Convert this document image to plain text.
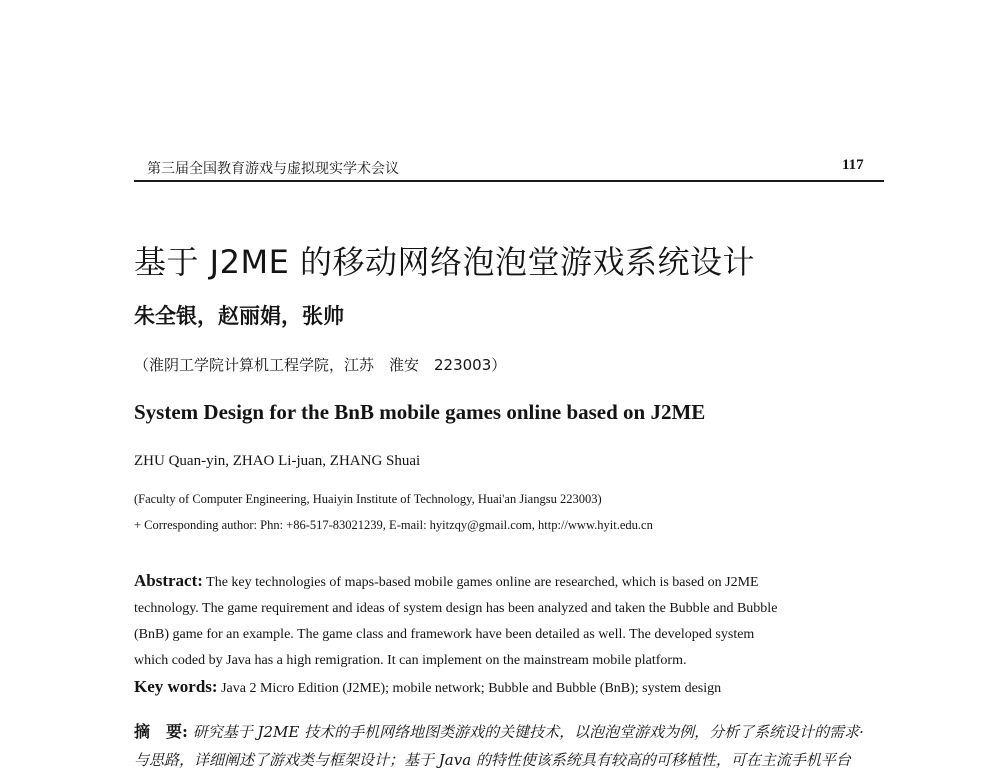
第三届全国教育游戏与虚拟现实学术会议	117
基于 J2ME 的移动网络泡泡堂游戏系统设计
朱全银，赵丽娟，张帅
（淮阴工学院计算机工程学院，江苏　淮安　223003）
System Design for the BnB mobile games online based on J2ME
ZHU Quan-yin, ZHAO Li-juan, ZHANG Shuai
(Faculty of Computer Engineering, Huaiyin Institute of Technology, Huai'an Jiangsu 223003)
+ Corresponding author: Phn: +86-517-83021239, E-mail: hyitzqy@gmail.com, http://www.hyit.edu.cn
Abstract: The key technologies of maps-based mobile games online are researched, which is based on J2ME
technology. The game requirement and ideas of system design has been analyzed and taken the Bubble and Bubble
(BnB) game for an example. The game class and framework have been detailed as well. The developed system
which coded by Java has a high remigration. It can implement on the mainstream mobile platform.
Key words: Java 2 Micro Edition (J2ME); mobile network; Bubble and Bubble (BnB); system design
摘　要: 研究基于 J2ME 技术的手机网络地图类游戏的关键技术，以泡泡堂游戏为例，分析了系统设计的需求·
与思路，详细阐述了游戏类与框架设计；基于 Java 的特性使该系统具有较高的可移植性，可在主流手机平台
